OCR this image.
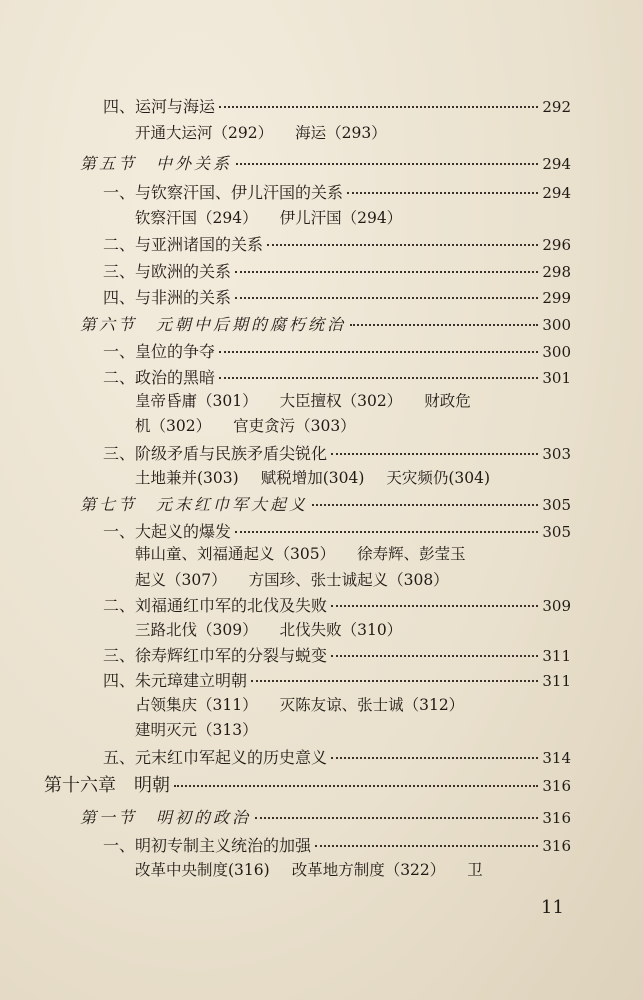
四、运河与海运	292
开通大运河（292） 海运（293）
第五节　中外关系	294
一、与钦察汗国、伊儿汗国的关系	294
钦察汗国（294） 伊儿汗国（294）
二、与亚洲诸国的关系	296
三、与欧洲的关系	298
四、与非洲的关系	299
第六节　元朝中后期的腐朽统治	300
一、皇位的争夺	300
二、政治的黑暗	301
皇帝昏庸（301） 大臣擅权（302） 财政危
机（302） 官吏贪污（303）
三、阶级矛盾与民族矛盾尖锐化	303
土地兼并(303) 赋税增加(304) 天灾频仍(304)
第七节　元末红巾军大起义	305
一、大起义的爆发	305
韩山童、刘福通起义（305） 徐寿辉、彭莹玉
起义（307） 方国珍、张士诚起义（308）
二、刘福通红巾军的北伐及失败	309
三路北伐（309） 北伐失败（310）
三、徐寿辉红巾军的分裂与蜕变	311
四、朱元璋建立明朝	311
占领集庆（311） 灭陈友谅、张士诚（312）
建明灭元（313）
五、元末红巾军起义的历史意义	314
第十六章　明朝	316
第一节　明初的政治	316
一、明初专制主义统治的加强	316
改革中央制度(316) 改革地方制度（322） 卫
11
